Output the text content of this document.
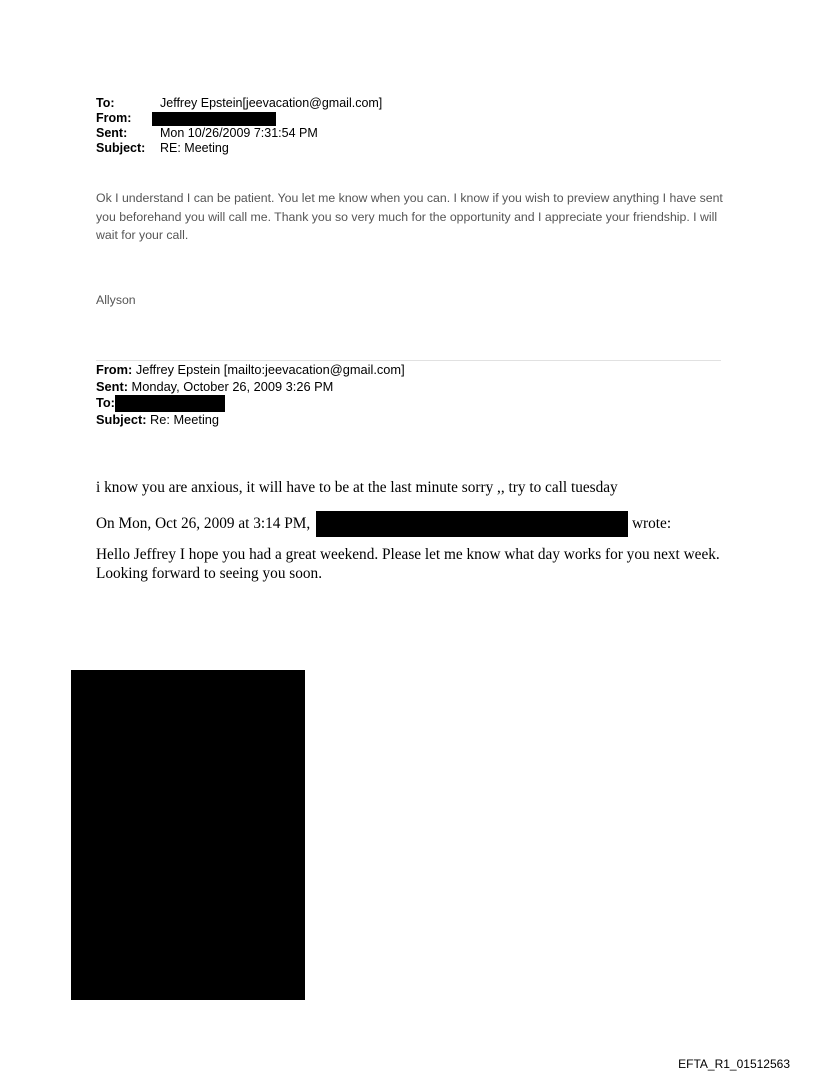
To:	Jeffrey Epstein[jeevacation@gmail.com]
From:
Sent:	Mon 10/26/2009 7:31:54 PM
Subject:	RE: Meeting
Ok I understand I can be patient. You let me know when you can. I know if you wish to preview anything I have sent you beforehand you will call me. Thank you so very much for the opportunity and I appreciate your friendship. I will wait for your call.
Allyson
From: Jeffrey Epstein [mailto:jeevacation@gmail.com]
Sent: Monday, October 26, 2009 3:26 PM
To:
Subject: Re: Meeting
i know you are anxious, it will have to be at the last minute sorry ,, try to call tuesday
On Mon, Oct 26, 2009 at 3:14 PM,	wrote:
Hello Jeffrey I hope you had a great weekend. Please let me know what day works for you next week. Looking forward to seeing you soon.
EFTA_R1_01512563
